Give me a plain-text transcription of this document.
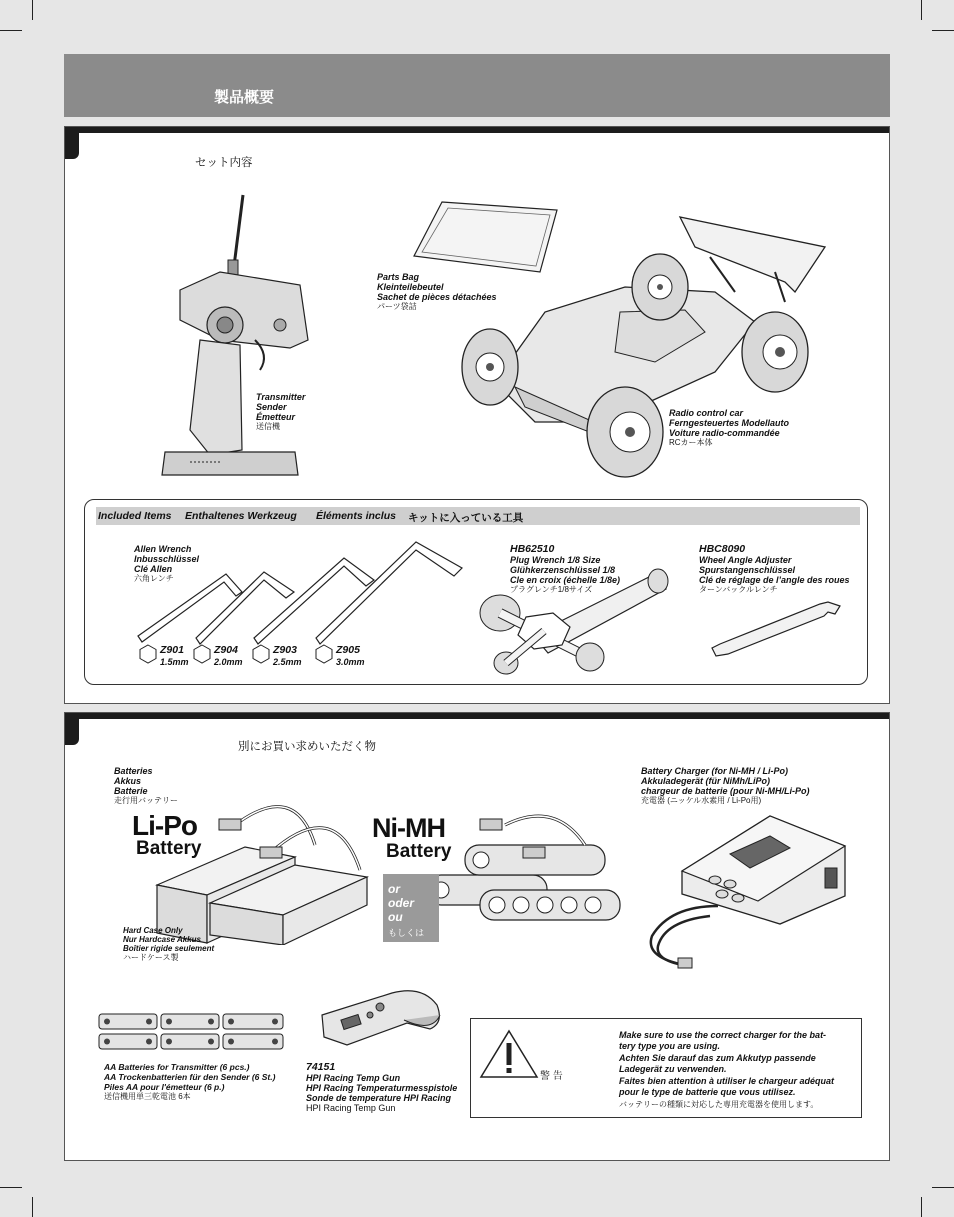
製品概要
セット内容
Transmitter
Sender
Émetteur
送信機
Parts Bag
Kleinteilebeutel
Sachet de pièces détachées
パーツ袋詰
Radio control car
Ferngesteuertes Modellauto
Voiture radio-commandée
RCカー本体
Included Items Enthaltenes Werkzeug Éléments inclus キットに入っている工具
Allen Wrench
Inbusschlüssel
Clé Allen
六角レンチ
Z901
1.5mm
Z904
2.0mm
Z903
2.5mm
Z905
3.0mm
HB62510
Plug Wrench 1/8 Size
Glühkerzenschlüssel 1/8
Cle en croix (échelle 1/8e)
プラグレンチ1/8サイズ
HBC8090
Wheel Angle Adjuster
Spurstangenschlüssel
Clé de réglage de l’angle des roues
ターンバックルレンチ
別にお買い求めいただく物
Batteries
Akkus
Batterie
走行用バッテリー
Li-Po
Battery
Ni-MH
Battery
or
oder
ou
もしくは
Hard Case Only
Nur Hardcase Akkus
Boîtier rigide seulement
ハードケース製
Battery Charger (for Ni-MH / Li-Po)
Akkuladegerät (für NiMh/LiPo)
chargeur de batterie (pour Ni-MH/Li-Po)
充電器 (ニッケル水素用 / Li-Po用)
AA Batteries for Transmitter (6 pcs.)
AA Trockenbatterien für den Sender (6 St.)
Piles AA pour l'émetteur (6 p.)
送信機用単三乾電池 6本
74151
HPI Racing Temp Gun
HPI Racing Temperaturmesspistole
Sonde de temperature HPI Racing
HPI Racing Temp Gun
警 告
Make sure to use the correct charger for the bat-
tery type you are using.
Achten Sie darauf das zum Akkutyp passende
Ladegerät zu verwenden.
Faites bien attention à utiliser le chargeur adéquat
pour le type de batterie que vous utilisez.
バッテリーの種類に対応した専用充電器を使用します。
